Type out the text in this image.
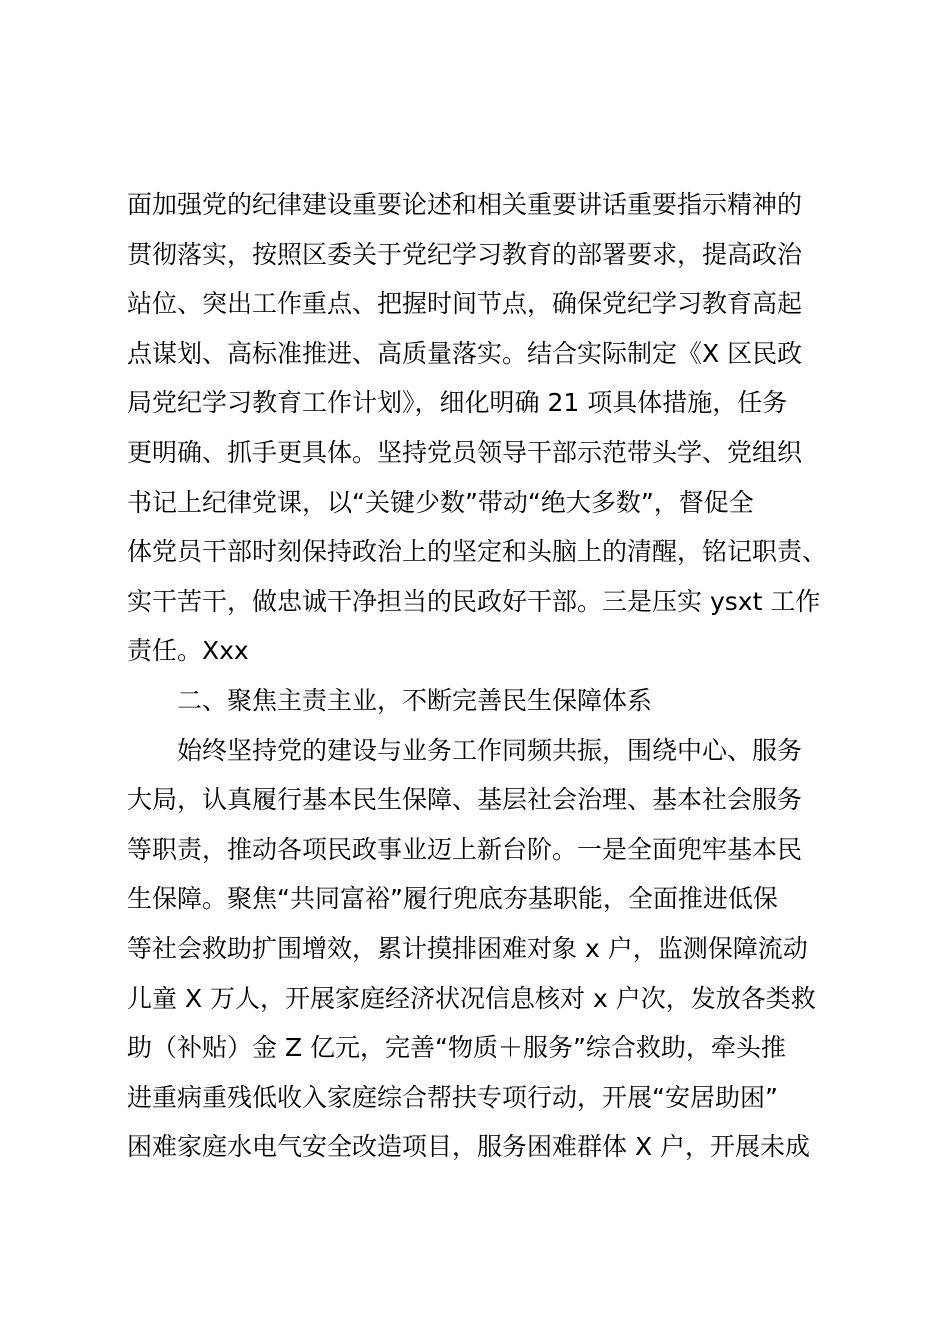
面加强党的纪律建设重要论述和相关重要讲话重要指示精神的
贯彻落实，按照区委关于党纪学习教育的部署要求，提高政治
站位、突出工作重点、把握时间节点，确保党纪学习教育高起
点谋划、高标准推进、高质量落实。结合实际制定《X 区民政
局党纪学习教育工作计划》，细化明确 21 项具体措施，任务
更明确、抓手更具体。坚持党员领导干部示范带头学、党组织
书记上纪律党课，以“关键少数”带动“绝大多数”，督促全
体党员干部时刻保持政治上的坚定和头脑上的清醒，铭记职责、
实干苦干，做忠诚干净担当的民政好干部。三是压实 ysxt 工作
责任。Xxx
二、聚焦主责主业，不断完善民生保障体系
始终坚持党的建设与业务工作同频共振，围绕中心、服务
大局，认真履行基本民生保障、基层社会治理、基本社会服务
等职责，推动各项民政事业迈上新台阶。一是全面兜牢基本民
生保障。聚焦“共同富裕”履行兜底夯基职能，全面推进低保
等社会救助扩围增效，累计摸排困难对象 x 户，监测保障流动
儿童 X 万人，开展家庭经济状况信息核对 x 户次，发放各类救
助（补贴）金 Z 亿元，完善“物质＋服务”综合救助，牵头推
进重病重残低收入家庭综合帮扶专项行动，开展“安居助困”
困难家庭水电气安全改造项目，服务困难群体 X 户，开展未成
